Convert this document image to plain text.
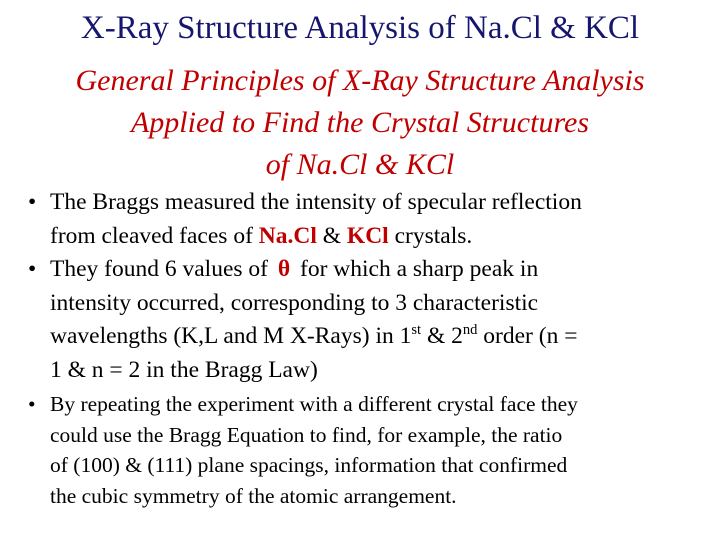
X-Ray Structure Analysis of Na.Cl & KCl
General Principles of X-Ray Structure Analysis
Applied to Find the Crystal Structures
of Na.Cl & KCl
• The Braggs measured the intensity of specular reflection
from cleaved faces of Na.Cl & KCl crystals.
• They found 6 values of θ for which a sharp peak in
intensity occurred, corresponding to 3 characteristic
wavelengths (K,L and M X-Rays) in 1st & 2nd order (n =
1 & n = 2 in the Bragg Law)
• By repeating the experiment with a different crystal face they
could use the Bragg Equation to find, for example, the ratio
of (100) & (111) plane spacings, information that confirmed
the cubic symmetry of the atomic arrangement.
